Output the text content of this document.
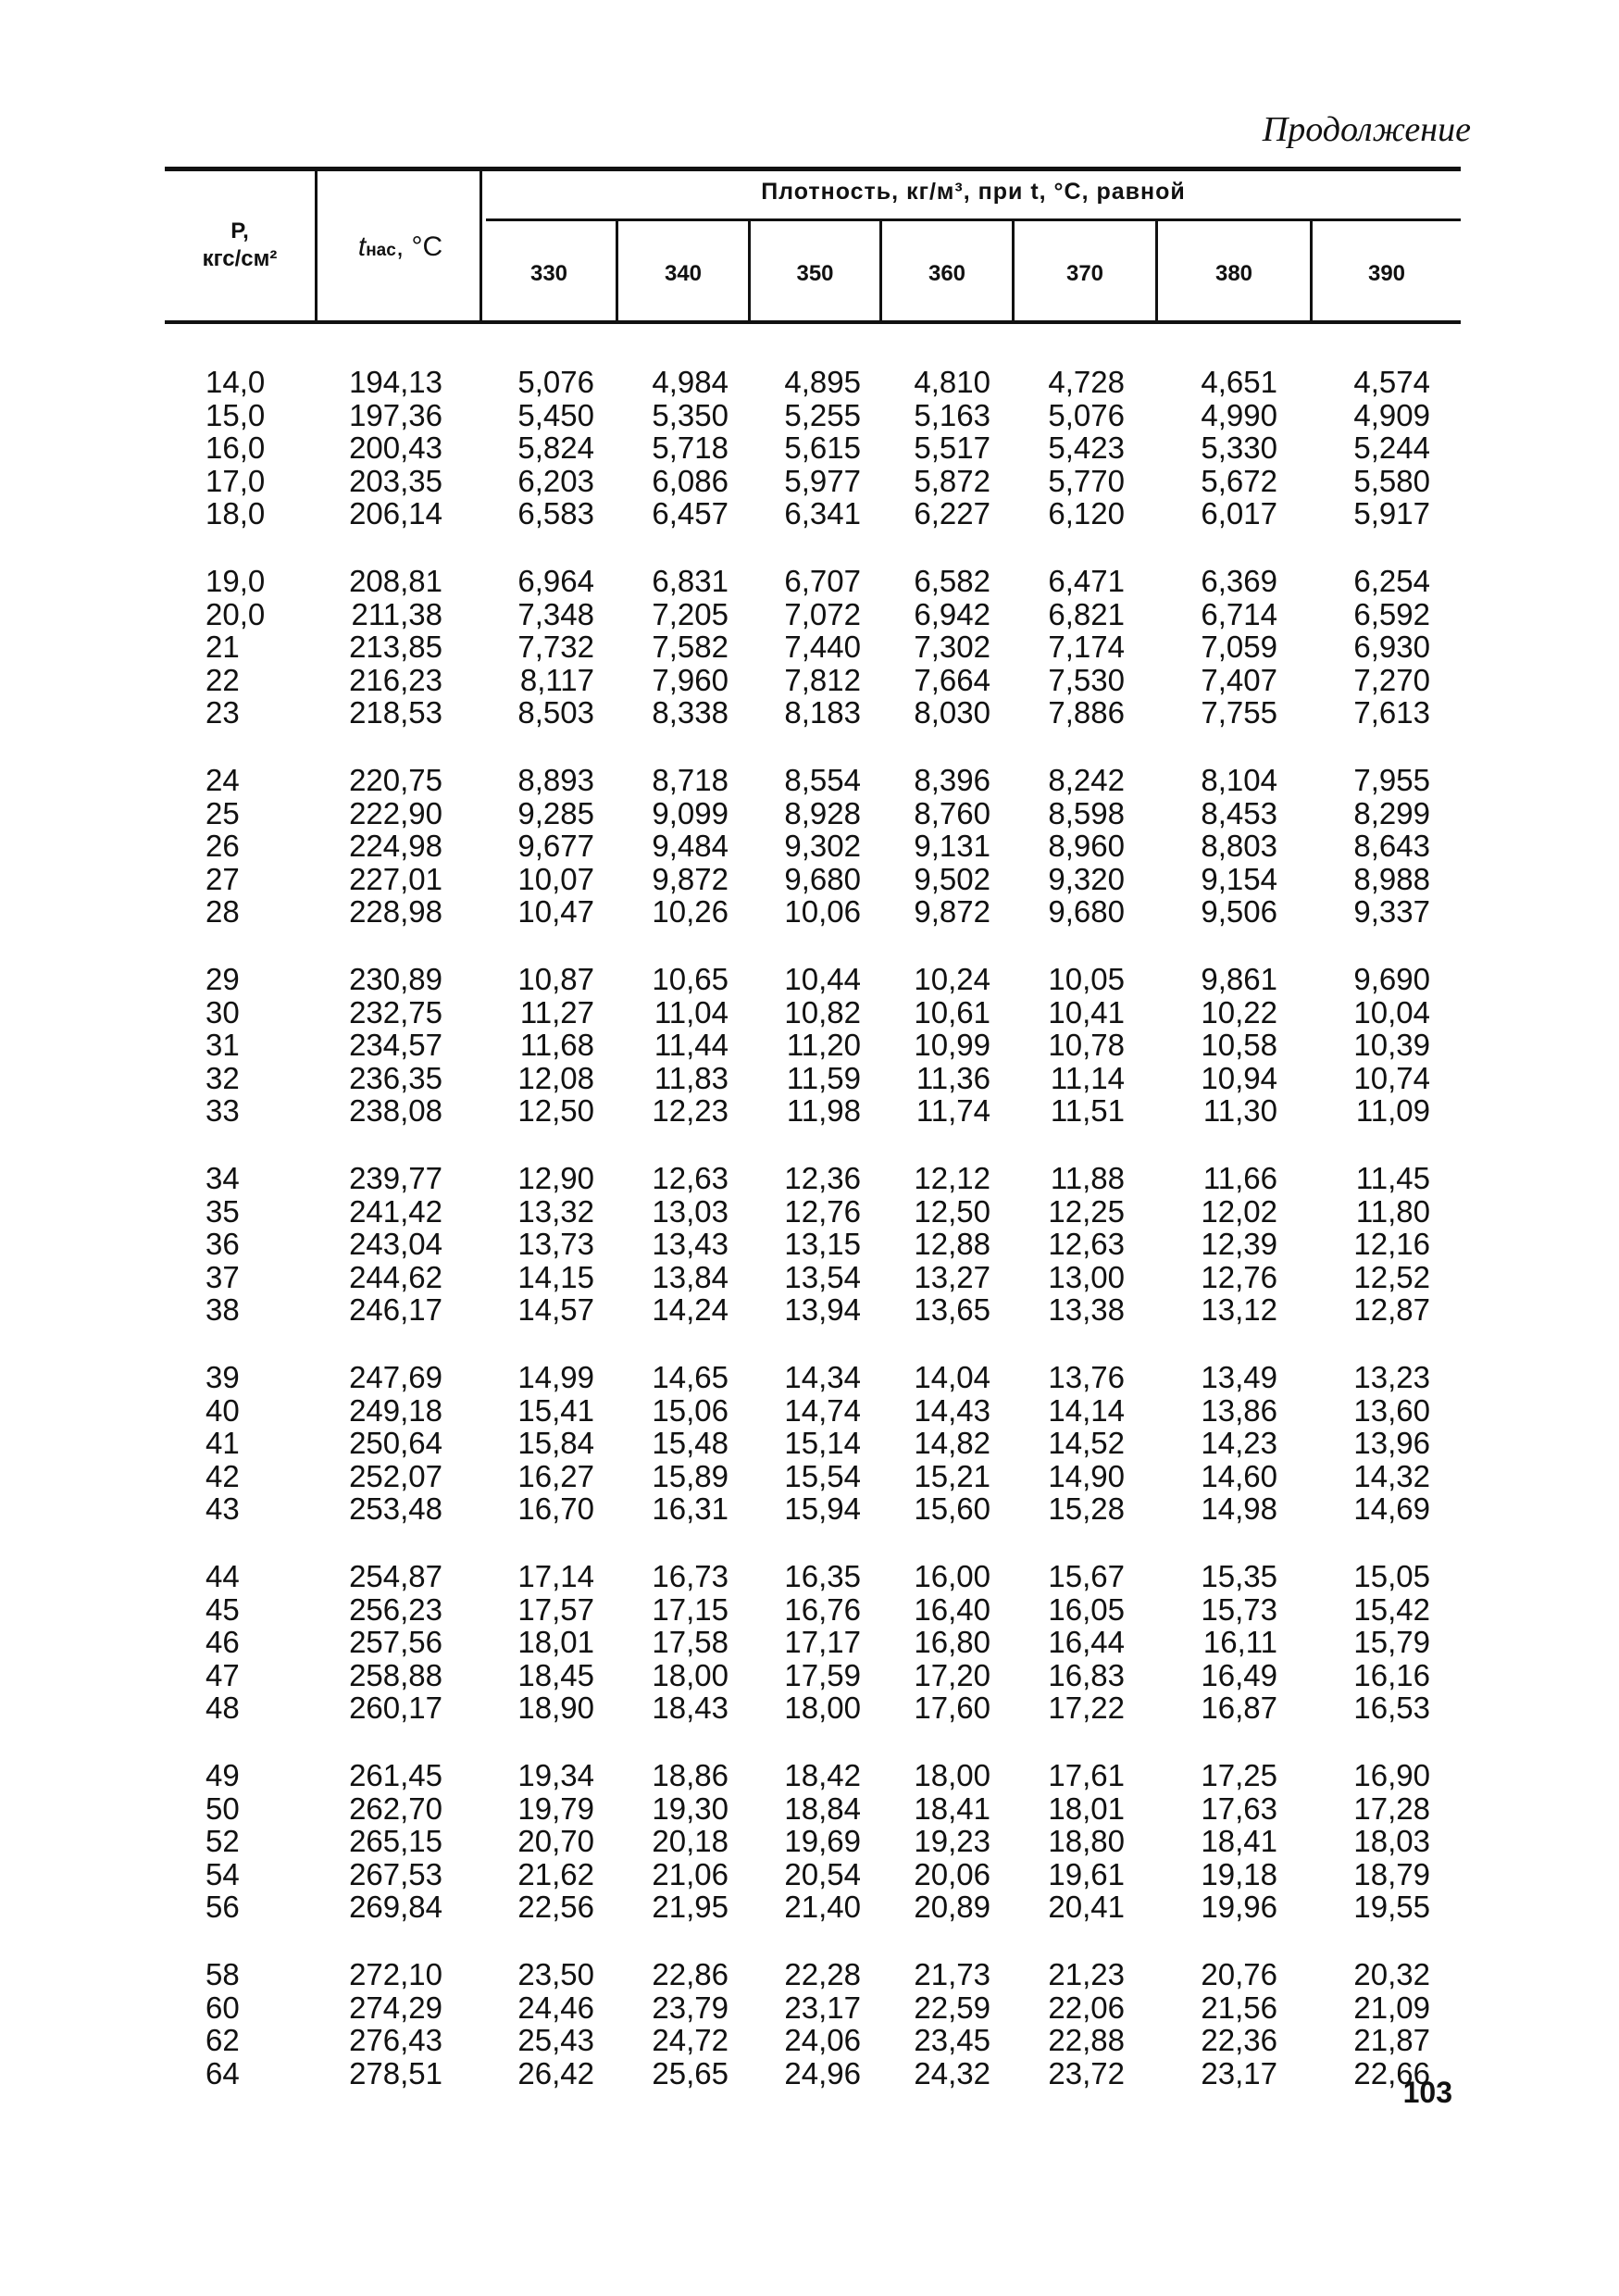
Продолжение
P,
кгс/см²	tнас, °С
Плотность, кг/м³, при t, °С, равной
330	340	350	360	370	380	390
14,0	194,13 5,076 4,984 4,895 4,810 4,728 4,651 4,574
15,0	197,36 5,450 5,350 5,255 5,163 5,076 4,990 4,909
16,0	200,43 5,824 5,718 5,615 5,517 5,423 5,330 5,244
17,0	203,35 6,203 6,086 5,977 5,872 5,770 5,672 5,580
18,0	206,14 6,583 6,457 6,341 6,227 6,120 6,017 5,917
19,0	208,81 6,964 6,831 6,707 6,582 6,471 6,369 6,254
20,0	211,38 7,348 7,205 7,072 6,942 6,821 6,714 6,592
21	213,85 7,732 7,582 7,440 7,302 7,174 7,059 6,930
22	216,23	8,117 7,960 7,812 7,664 7,530 7,407 7,270
23	218,53 8,503 8,338 8,183 8,030 7,886 7,755 7,613
24	220,75 8,893 8,718 8,554 8,396 8,242 8,104 7,955
25	222,90 9,285 9,099 8,928 8,760 8,598 8,453 8,299
26	224,98 9,677 9,484 9,302 9,131 8,960 8,803 8,643
27	227,01 10,07 9,872 9,680 9,502 9,320 9,154 8,988
28	228,98 10,47 10,26 10,06 9,872 9,680 9,506 9,337
29	230,89 10,87 10,65 10,44 10,24 10,05 9,861 9,690
30	232,75	11,27 11,04 10,82 10,61 10,41 10,22 10,04
31	234,57	11,68 11,44 11,20 10,99 10,78 10,58 10,39
32	236,35 12,08 11,83 11,59 11,36 11,14 10,94 10,74
33	238,08 12,50 12,23 11,98 11,74 11,51	11,30	11,09
34	239,77 12,90 12,63 12,36 12,12 11,88	11,66	11,45
35	241,42 13,32 13,03 12,76 12,50 12,25 12,02	11,80
36	243,04 13,73 13,43 13,15 12,88 12,63 12,39 12,16
37	244,62 14,15 13,84 13,54 13,27 13,00 12,76 12,52
38	246,17 14,57 14,24 13,94 13,65 13,38 13,12 12,87
39	247,69 14,99 14,65 14,34 14,04 13,76 13,49 13,23
40	249,18 15,41 15,06 14,74 14,43 14,14 13,86 13,60
41	250,64 15,84 15,48 15,14 14,82 14,52 14,23 13,96
42	252,07 16,27 15,89 15,54 15,21 14,90 14,60 14,32
43	253,48 16,70 16,31 15,94 15,60 15,28 14,98 14,69
44	254,87 17,14 16,73 16,35 16,00 15,67 15,35 15,05
45	256,23 17,57 17,15 16,76 16,40 16,05 15,73 15,42
46	257,56 18,01 17,58 17,17 16,80 16,44	16,11 15,79
47	258,88 18,45 18,00 17,59 17,20 16,83 16,49 16,16
48	260,17 18,90 18,43 18,00 17,60 17,22 16,87 16,53
49	261,45 19,34 18,86 18,42 18,00 17,61 17,25 16,90
50	262,70 19,79 19,30 18,84 18,41 18,01 17,63 17,28
52	265,15 20,70 20,18 19,69 19,23 18,80 18,41 18,03
54	267,53 21,62 21,06 20,54 20,06 19,61 19,18 18,79
56	269,84 22,56 21,95 21,40 20,89 20,41 19,96 19,55
58	272,10 23,50 22,86 22,28 21,73 21,23 20,76 20,32
60	274,29 24,46 23,79 23,17 22,59 22,06 21,56 21,09
62	276,43 25,43 24,72 24,06 23,45 22,88 22,36 21,87
64	278,51 26,42 25,65 24,96 24,32 23,72 23,17 22,66
103
